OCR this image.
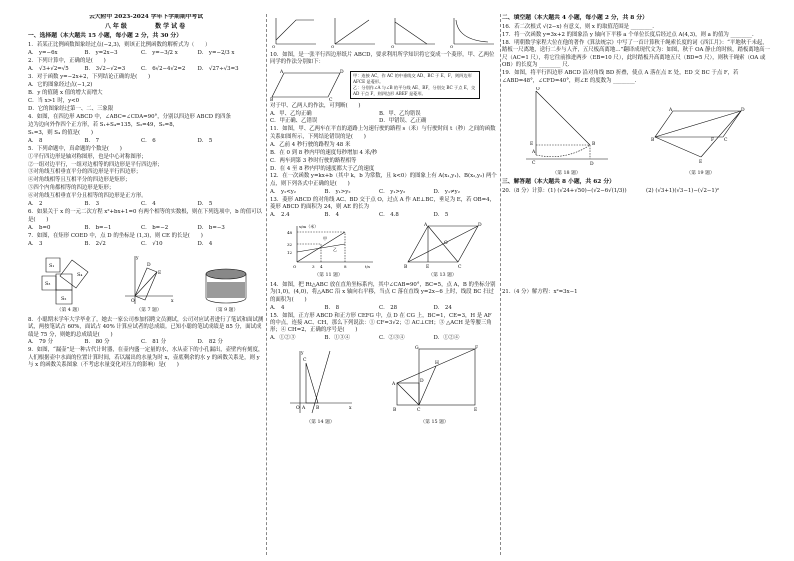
云大附中 2023-2024 学年下学期期中考试
八年级	数学试卷
一、选择题（本大题共 15 小题，每小题 2 分，共 30 分）
1．若某正比例函数图象经过点(−2,3)，则该正比例函数的解析式为（　　）
A． y=−6x	B． y=2x−3	C． y=−3/2 x	D． y=−2/3 x
2．下列计算中，正确的是(　　)
A． √3+√2=√5	B． 3√2−√2=3	C． 6√2−4√2=2	D． √27÷√3=3
3．对于函数 y=−2x+2，下列结论正确的是(　　)
A．它的图象经过点(−1,2)
B．y 的值随 x 值的增大而增大
C．当 x>1 时，y<0
D．它的图象经过第一、二、三象限
4．如图，在四边形 ABCD 中，∠ABC=∠CDA=90°，分别以四边形 ABCD 的四条
边为边向外作四个正方形，若 S₁+S₄=135，S₃=49，S₂=8，
S₁=3，则 S₄ 的值是(　　)
A． 8	B． 7	C． 6	D． 5
5．下列命题中，真命题的个数是(　　)
①平行四边形是轴对称图形，也是中心对称图形；
②一组对边平行，一组对边相等的四边形是平行四边形；
③对角线互相垂直平分的四边形是平行四边形；
④对角线相等且互相平分的四边形是矩形；
⑤四个内角都相等的四边形是矩形；
⑥对角线互相垂直平分且相等的四边形是正方形。
A． 2	B． 3	C． 4	D． 5
6．如果关于 x 的一元二次方程 x²+bx+1=0 有两个相等的实数根，则在下列选项中，b 的值可以是(　　)
A． b=0	B． b=−1	C． b=−2	D． b=−3
7．如图，在矩形 COED 中，点 D 的坐标是 (1,3)，则 CE 的长是(　　)
A． 3	B． 2√2	C． √10	D． 4
S₁
S₄
S₃
S₂
（第 4 题）
O
D
E
x
y
（第 7 题）	（第 9 题）
8．小聪期末学年大学毕业了，她去一家公司参加招聘文员测试，公司对应试者进行了笔试和面试测试，两按笔试占 60%，面试占 40% 计算应试者的总成绩。已知小聪的笔试成绩是 85 分，面试成绩是 75 分，则她的总成绩是(　　)
A． 79 分	B． 80 分	C． 81 分	D． 82 分
9．如图，“漏壶”是一种古代计时器，在壶内盛一定量的水，水从壶下的小孔漏出，壶壁内有刻度，人们根据壶中水面的位置计算时间，若以漏出的水量为时 x，壶底剩余的水 y 的函数关系是，则 y 与 x 的函数关系图象（不考虑水量变化对压力的影响）是(　　)
O	O	O	O
10．如图，是一张平行四边形纸片 ABCD，要求利用所学知识将它变成一个菱形，甲、乙两位同学的作法分别如下：
A	D
B	C
甲：连接 AC，作 AC 的中垂线交 AD、BC 于 E、F，则四边形 AFCE 是菱形。
乙：分别作∠A 与∠B 的平分线 AE、BF，分别交 BC 于点 E，交 AD 于点 F，则四边形 ABEF 是菱形。
对于甲、乙两人的作法，可判断(　　)
A．甲、乙均正确	B．甲、乙均错误
C．甲正确、乙错误	D．甲错误、乙正确
11．如图，甲、乙两车在平直的道路上匀速行驶的路程 s（米）与行驶时间 t（秒）之间的函数关系如图所示，下列结论错误的是(　　)
A．乙前 4 秒行驶的路程为 48 米
B．在 0 到 8 秒内甲的速度每秒增加 4 米/秒
C．两车到第 3 秒时行驶的路程相等
D．在 4 至 8 秒内甲的速度都大于乙的速度
12．在一次函数 y=kx+b（其中 k，b 为常数，且 k<0）的图象上有 A(x₁,y₁)、B(x₂,y₂) 两个点，则下列各式中正确的是(　　)
A． y₁<y₂	B． y₁>y₂	C． y₁>y₂	D． y₁≠y₂
13．菱形 ABCD 的对角线 AC、BD 交于点 O，过点 A 作 AE⊥BC，垂足为 E，若 OB=4，菱形 ABCD 的面积为 24，则 AE 的长为
A． 2.4	B． 4	C． 4.8	D． 5
s/m（米）
t/s
48
32
12
O	3 4	8
甲
乙
（第 11 题）
A	D
B	E	C
O
（第 13 题）
14．如图，把 Rt△ABC 放在直角坐标系内，其中∠CAB=90°，BC=5，点 A，B 的坐标分别为(1,0)，(4,0)，将△ABC 沿 x 轴向右平移，当点 C 落在直线 y=2x−6 上时，线段 BC 扫过的面积为(　　)
A． 4	B． 8	C． 28	D． 24
15．如图，正方形 ABCD 和正方形 CEFG 中，点 D 在 CG 上，BC=1，CE=3，H 是 AF 的中点，连接 AC、CH，那么下列说法：① CF=3√2；② AC⊥CH；③ △ACH 是等腰三角形；④ CH=2，正确的序号是(　　)
A．①②③	B．①③④	C．②③④	D．①②④
C
A B
O	x
y
（第 14 题）
G	F
A
B	C	E
D
H
（第 15 题）
二、填空题（本大题共 4 小题，每小题 2 分，共 8 分）
16．若二次根式 √(2−x) 有意义，则 x 的取值范围是 ________.
17．将一次函数 y=3x+2 的图象沿 y 轴向下平移 a 个单位长度后经过点 A(4,3)，则 a 的值为 ________.
18．明朝数学家程大位在他的著作《算法统宗》中写了一首计算秋千绳索长度的词《西江月》：“平地秋千未起，踏板一尺离地，送行二步与人齐，五尺板高离地…”翻译成现代文为：如图，秋千 OA 静止的时候，踏板离地高一尺（AC=1 尺），将它往前推进两步（EB=10 尺），此时踏板升高离地五尺（BD=5 尺），则秋千绳索（OA 或 OB）的长度为 ________ 尺.
19．如图，将平行四边形 ABCD 沿对角线 BD 折叠，使点 A 落在点 E 处，ED 交 BC 于点 F，若∠ABD=48°，∠CFD=40°，则∠E 的度数为 ________.
O
A
C
E	B
D
（第 18 题）
A	D
B	C
F
E
（第 19 题）
三、解答题（本大题共 8 小题，共 62 分）
20.（8 分）计算：(1) (√24+√50)−(√2−6√(1/3))	(2) (√3+1)(√3−1)−(√2−1)²
21.（4 分）解方程：x²=3x−1
